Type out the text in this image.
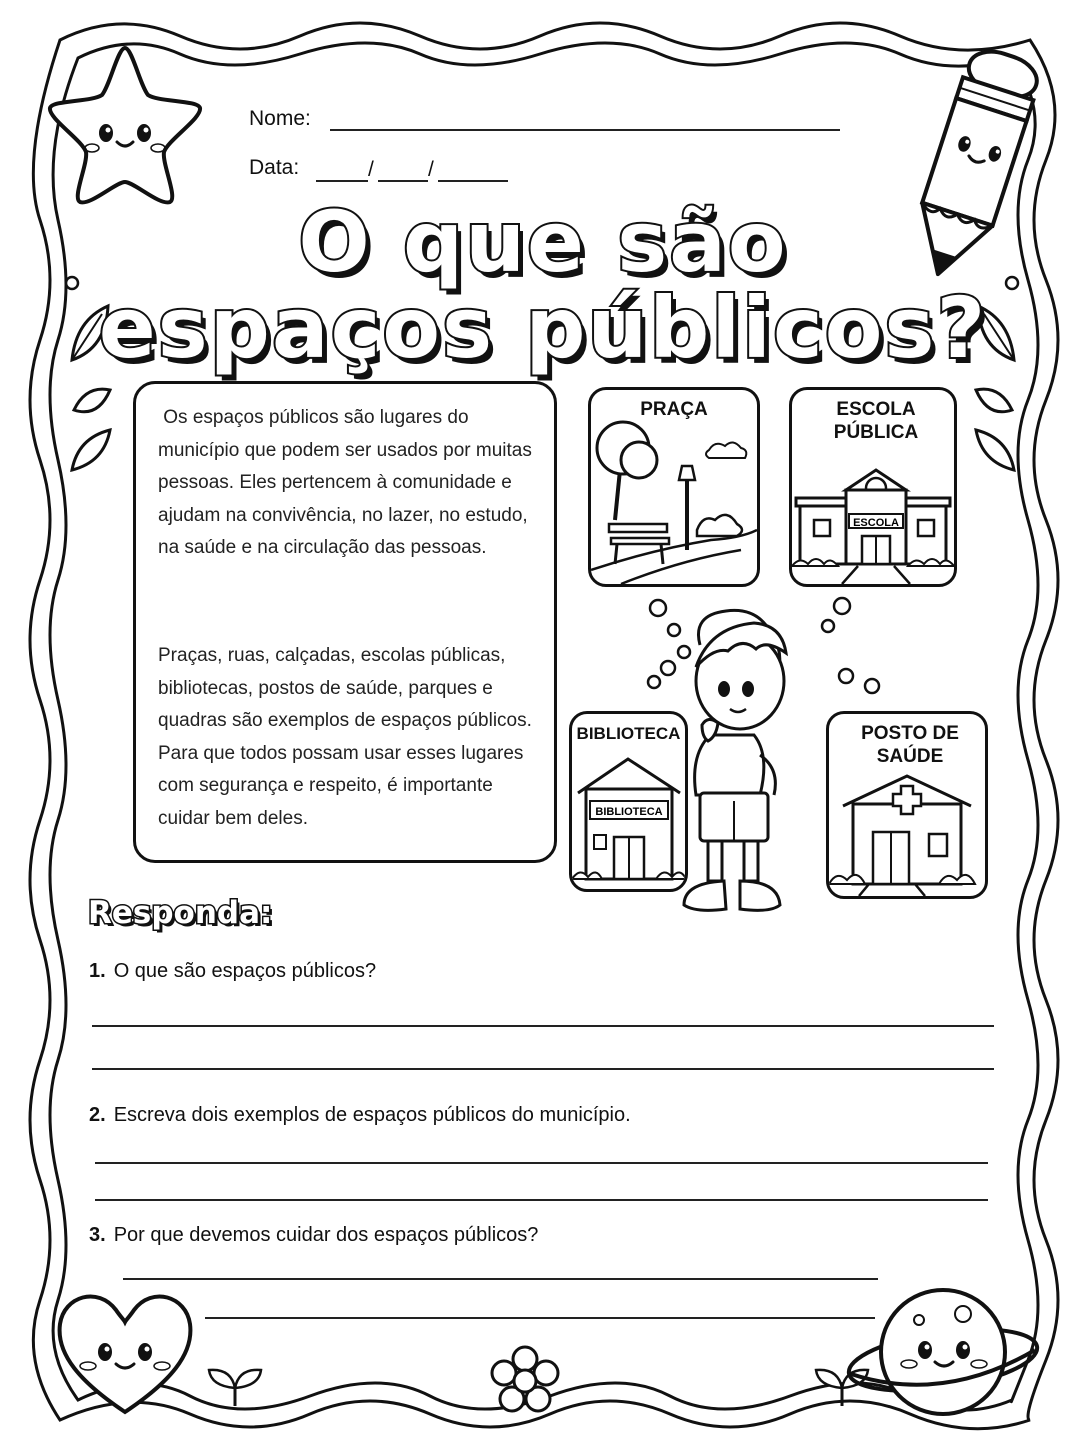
Nome:
Data:	/	/
O que são
espaços públicos?
Os espaços públicos são lugares do município que podem ser usados por muitas pessoas. Eles pertencem à comunidade e ajudam na convivência, no lazer, no estudo, na saúde e na circulação das pessoas.
Praças, ruas, calçadas, escolas públicas, bibliotecas, postos de saúde, parques e quadras são exemplos de espaços públicos. Para que todos possam usar esses lugares com segurança e respeito, é importante cuidar bem deles.
PRAÇA	ESCOLA PÚBLICA
ESCOLA
BIBLIOTECA
BIBLIOTECA
POSTO DE SAÚDE
Responda:
1. O que são espaços públicos?
2. Escreva dois exemplos de espaços públicos do município.
3. Por que devemos cuidar dos espaços públicos?
